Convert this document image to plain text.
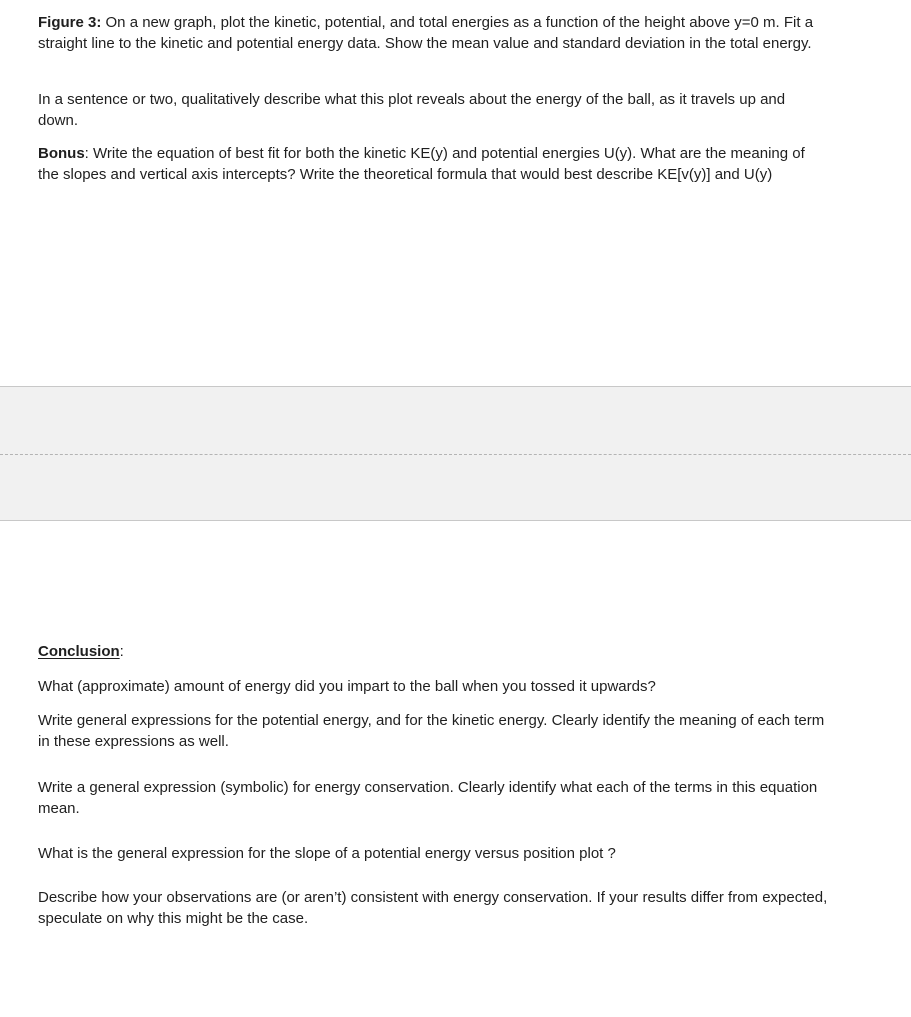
Figure 3: On a new graph, plot the kinetic, potential, and total energies as a function of the height above y=0 m. Fit a straight line to the kinetic and potential energy data. Show the mean value and standard deviation in the total energy.

In a sentence or two, qualitatively describe what this plot reveals about the energy of the ball, as it travels up and down.

Bonus: Write the equation of best fit for both the kinetic KE(y) and potential energies U(y). What are the meaning of the slopes and vertical axis intercepts? Write the theoretical formula that would best describe KE[v(y)] and U(y)

Conclusion:

What (approximate) amount of energy did you impart to the ball when you tossed it upwards?

Write general expressions for the potential energy, and for the kinetic energy. Clearly identify the meaning of each term in these expressions as well.

Write a general expression (symbolic) for energy conservation. Clearly identify what each of the terms in this equation mean.

What is the general expression for the slope of a potential energy versus position plot ?

Describe how your observations are (or aren’t) consistent with energy conservation. If your results differ from expected, speculate on why this might be the case.
